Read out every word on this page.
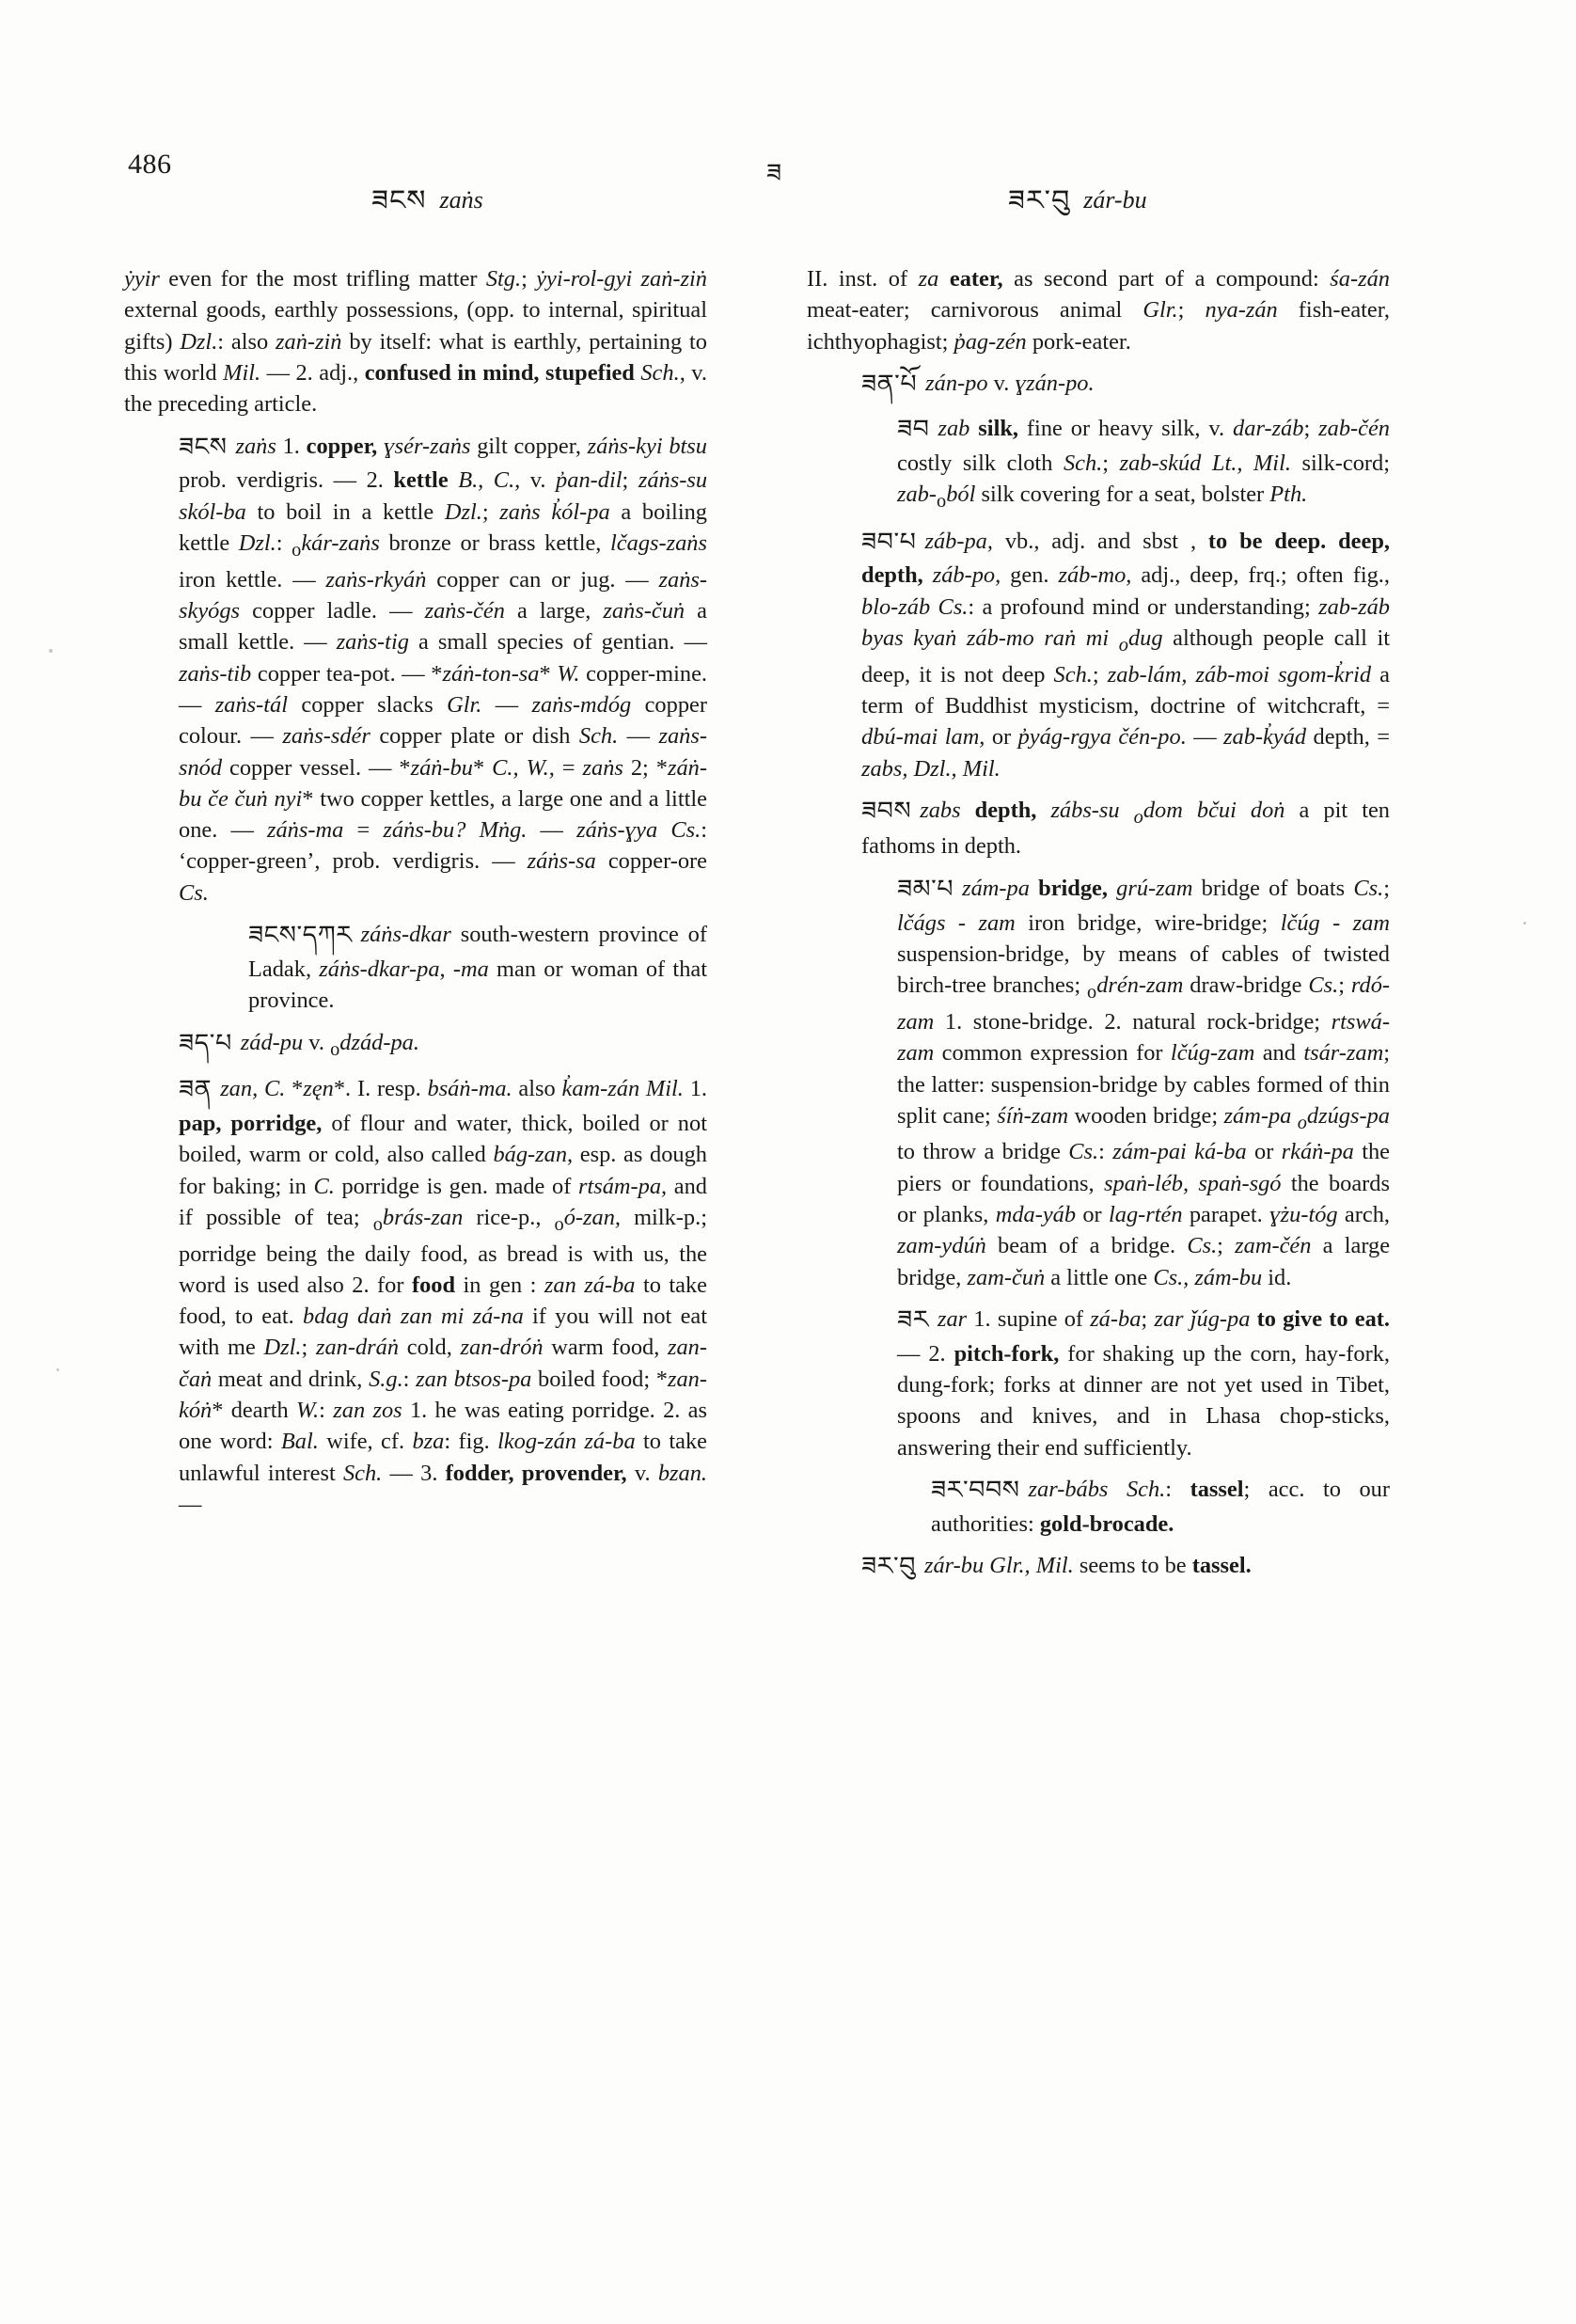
486
ཟངས zaṅs
ཟ
ཟར་བུ zár-bu

ẏyir even for the most trifling matter Stg.; ẏyi-rol-gyi zaṅ-ziṅ external goods, earthly possessions, (opp. to internal, spiritual gifts) Dzl.: also zaṅ-ziṅ by itself: what is earthly, pertaining to this world Mil. — 2. adj., confused in mind, stupefied Sch., v. the preceding article.

ཟངས zaṅs 1. copper, ɣsér-zaṅs gilt copper, záṅs-kyi btsu prob. verdigris. — 2. kettle B., C., v. p̓an-dil; záṅs-su skól-ba to boil in a kettle Dzl.; zaṅs k̓ól-pa a boiling kettle Dzl.: $_o$kár-zaṅs bronze or brass kettle, lčags-zaṅs iron kettle. — zaṅs-rkyáṅ copper can or jug. — zaṅs-skyógs copper ladle. — zaṅs-čén a large, zaṅs-čuṅ a small kettle. — zaṅs-tig a small species of gentian. — zaṅs-tib copper tea-pot. — *záṅ-ton-sa* W. copper-mine. — zaṅs-tál copper slacks Glr. — zaṅs-mdóg copper colour. — zaṅs-sdér copper plate or dish Sch. — zaṅs-snód copper vessel. — *záṅ-bu* C., W., = zaṅs 2; *záṅ-bu če čuṅ nyi* two copper kettles, a large one and a little one. — záṅs-ma = záṅs-bu? Mṅg. — záṅs-ɣya Cs.: ‘copper-green’, prob. verdigris. — záṅs-sa copper-ore Cs.

ཟངས་དཀར záṅs-dkar south-western province of Ladak, záṅs-dkar-pa, -ma man or woman of that province.

ཟད་པ zád-pu v. $_o$dzád-pa.

ཟན zan, C. *zęn*. I. resp. bsáṅ-ma. also k̓am-zán Mil. 1. pap, porridge, of flour and water, thick, boiled or not boiled, warm or cold, also called bág-zan, esp. as dough for baking; in C. porridge is gen. made of rtsám-pa, and if possible of tea; $_o$brás-zan rice-p., $_o$ó-zan, milk-p.; porridge being the daily food, as bread is with us, the word is used also 2. for food in gen : zan zá-ba to take food, to eat. bdag daṅ zan mi zá-na if you will not eat with me Dzl.; zan-dráṅ cold, zan-dróṅ warm food, zan-čaṅ meat and drink, S.g.: zan btsos-pa boiled food; *zan-kóṅ* dearth W.: zan zos 1. he was eating porridge. 2. as one word: Bal. wife, cf. bza: fig. lkog-zán zá-ba to take unlawful interest Sch. — 3. fodder, provender, v. bzan. —

II. inst. of za eater, as second part of a compound: śa-zán meat-eater; carnivorous animal Glr.; nya-zán fish-eater, ichthyophagist; p̓ag-zén pork-eater.

ཟན་པོ zán-po v. ɣzán-po.

ཟབ zab silk, fine or heavy silk, v. dar-záb; zab-čén costly silk cloth Sch.; zab-skúd Lt., Mil. silk-cord; zab-$_oból$ silk covering for a seat, bolster Pth.

ཟབ་པ záb-pa, vb., adj. and sbst , to be deep. deep, depth, záb-po, gen. záb-mo, adj., deep, frq.; often fig., blo-záb Cs.: a profound mind or understanding; zab-záb byas kyaṅ záb-mo raṅ mi $_o$dug although people call it deep, it is not deep Sch.; zab-lám, záb-moi sgom-k̓rid a term of Buddhist mysticism, doctrine of witchcraft, = dbú-mai lam, or p̓yág-rgya čén-po. — zab-k̓yád depth, = zabs, Dzl., Mil.

ཟབས zabs depth, zábs-su $_o$dom bčui doṅ a pit ten fathoms in depth.

ཟམ་པ zám-pa bridge, grú-zam bridge of boats Cs.; lčágs - zam iron bridge, wire-bridge; lčúg - zam suspension-bridge, by means of cables of twisted birch-tree branches; $_o$drén-zam draw-bridge Cs.; rdó-zam 1. stone-bridge. 2. natural rock-bridge; rtswá-zam common expression for lčúg-zam and tsár-zam; the latter: suspension-bridge by cables formed of thin split cane; śíṅ-zam wooden bridge; zám-pa $_o$dzúgs-pa to throw a bridge Cs.: zám-pai ká-ba or rkáṅ-pa the piers or foundations, spaṅ-léb, spaṅ-sgó the boards or planks, mda-yáb or lag-rtén parapet. ɣ̇zu-tóg arch, zam-ydúṅ beam of a bridge. Cs.; zam-čén a large bridge, zam-čuṅ a little one Cs., zám-bu id.

ཟར zar 1. supine of zá-ba; zar ǰúg-pa to give to eat. — 2. pitch-fork, for shaking up the corn, hay-fork, dung-fork; forks at dinner are not yet used in Tibet, spoons and knives, and in Lhasa chop-sticks, answering their end sufficiently.

ཟར་བབས zar-bábs Sch.: tassel; acc. to our authorities: gold-brocade.

ཟར་བུ zár-bu Glr., Mil. seems to be tassel.
